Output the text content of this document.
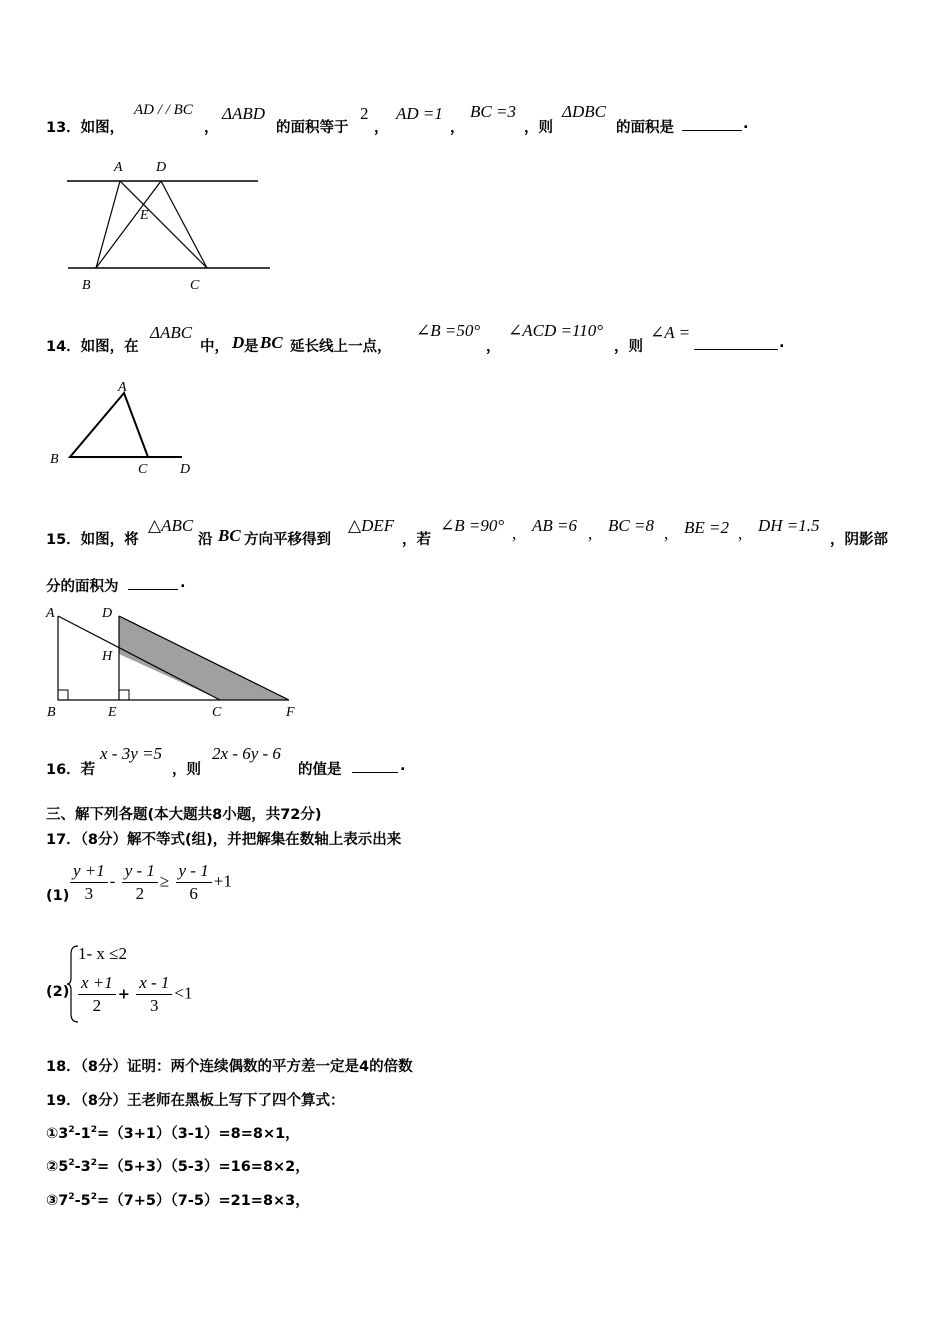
13．如图，
AD / / BC
，
ΔABD
的面积等于
2
，
AD =1
，
BC =3
，则
ΔDBC
的面积是	.
A D
E
B	C
14．如图，在
ΔABC
中， D 是 BC 延长线上一点，
∠B =50°
，
∠ACD =110°
，则
∠A =
.
A
B
C D
15．如图，将
△ABC
沿 BC 方向平移得到
△DEF
，若
∠B =90° , AB =6 , BC =8 , BE =2 , DH =1.5
，阴影部
分的面积为	.
A	D
H
B	E	C	F
16．若
x - 3y =5
，则
2x - 6y - 6
的值是	.
三、解下列各题(本大题共8小题，共72分)
17．（8分）解不等式(组)，并把解集在数轴上表示出来
$(1) \frac{y +1}{3} - \frac{y - 1}{2} \ge \frac{y - 1}{6} +1$
(2)
1- x ≤2
$\frac{x +1}{2} + \frac{x - 1}{3} <1$
18．（8分）证明：两个连续偶数的平方差一定是4的倍数
19．（8分）王老师在黑板上写下了四个算式：
$①3^2-1^2=(3+1)(3-1)=8=8\times 1$，
$②5^2-3^2=(5+3)(5-3)=16=8\times 2$，
$③7^2-5^2=(7+5)(7-5)=21=8\times 3$，
